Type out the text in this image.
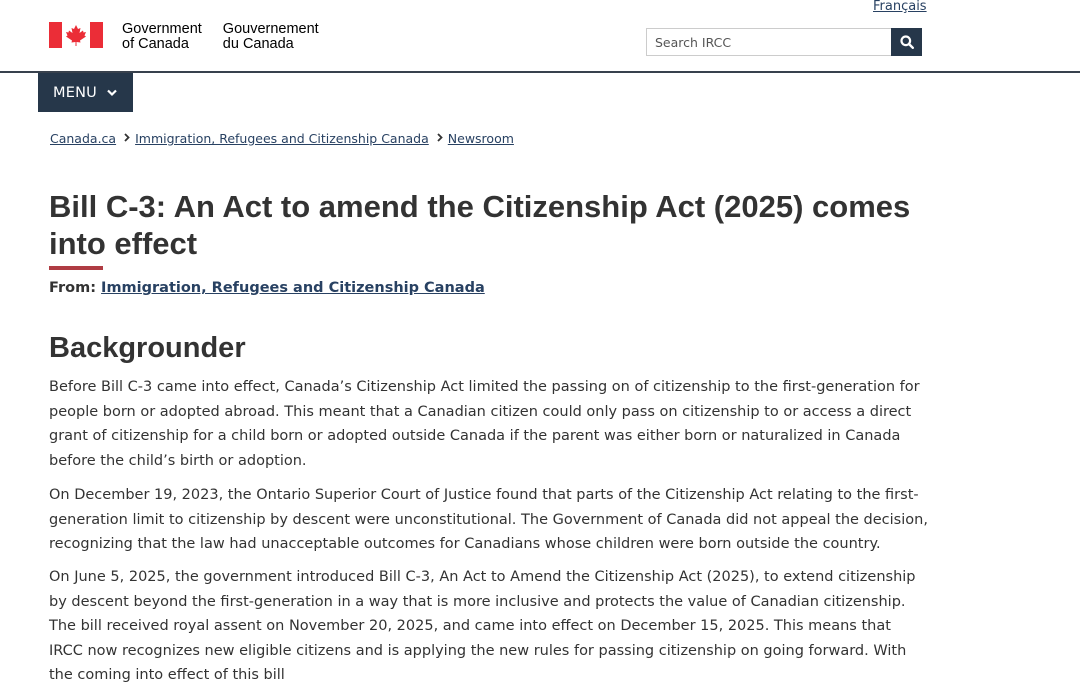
Français
Government
of Canada
Gouvernement
du Canada
Search IRCC
MENU
Canada.ca Immigration, Refugees and Citizenship Canada Newsroom
Bill C-3: An Act to amend the Citizenship Act (2025) comes into effect
From: Immigration, Refugees and Citizenship Canada
Backgrounder

Before Bill C-3 came into effect, Canada’s Citizenship Act limited the passing on of citizenship to the first-generation for people born or adopted abroad. This meant that a Canadian citizen could only pass on citizenship to or access a direct grant of citizenship for a child born or adopted outside Canada if the parent was either born or naturalized in Canada before the child’s birth or adoption.

On December 19, 2023, the Ontario Superior Court of Justice found that parts of the Citizenship Act relating to the first-generation limit to citizenship by descent were unconstitutional. The Government of Canada did not appeal the decision, recognizing that the law had unacceptable outcomes for Canadians whose children were born outside the country.

On June 5, 2025, the government introduced Bill C-3, An Act to Amend the Citizenship Act (2025), to extend citizenship by descent beyond the first-generation in a way that is more inclusive and protects the value of Canadian citizenship. The bill received royal assent on November 20, 2025, and came into effect on December 15, 2025. This means that IRCC now recognizes new eligible citizens and is applying the new rules for passing citizenship on going forward. With the coming into effect of this bill
